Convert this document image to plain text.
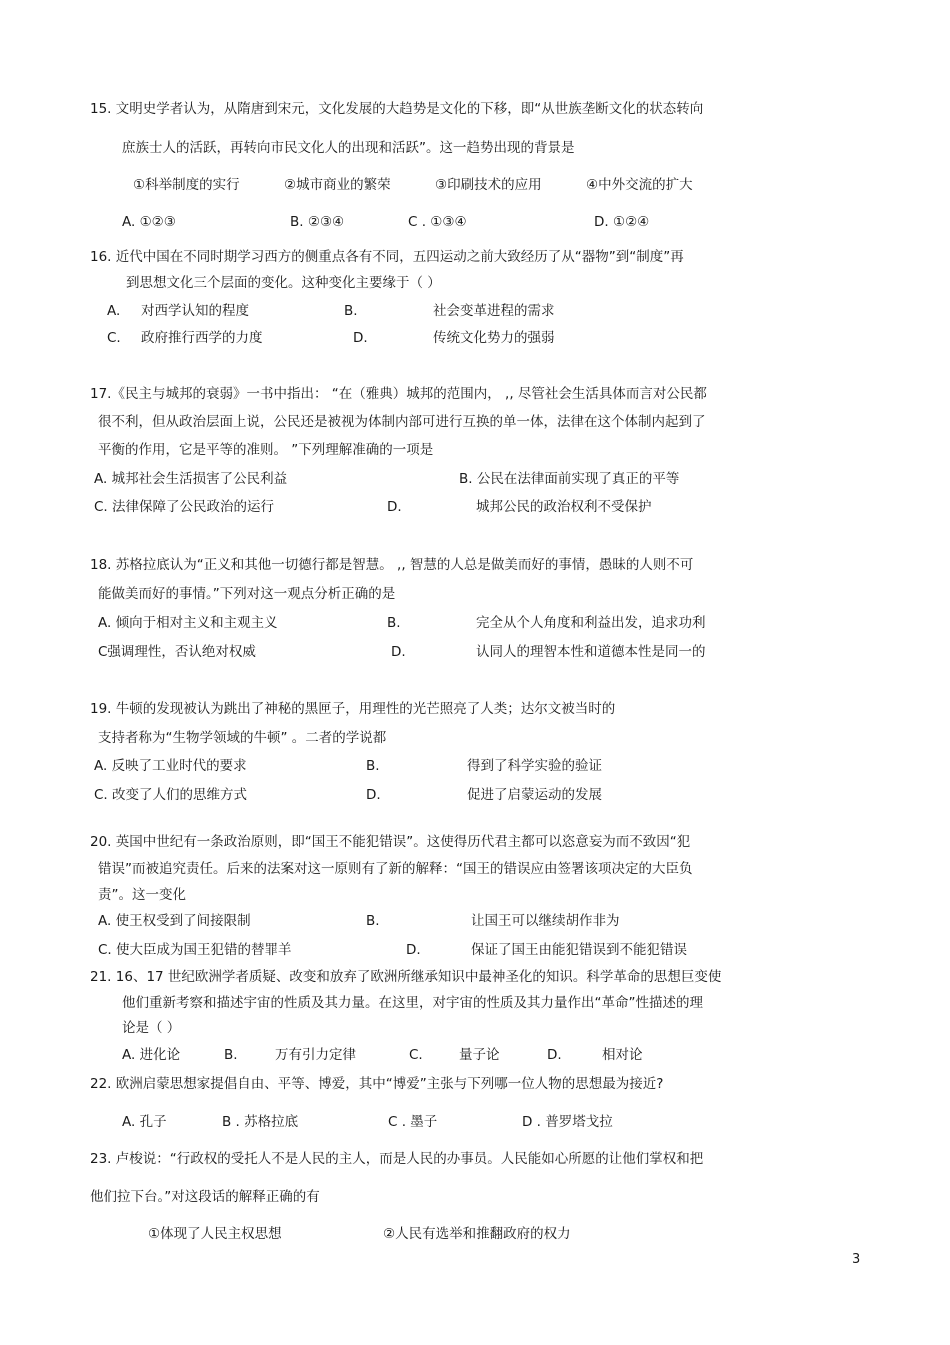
15. 文明史学者认为，从隋唐到宋元，文化发展的大趋势是文化的下移，即“从世族垄断文化的状态转向
庶族士人的活跃，再转向市民文化人的出现和活跃”。这一趋势出现的背景是
①科举制度的实行	②城市商业的繁荣	③印刷技术的应用	④中外交流的扩大
A. ①②③	B. ②③④	C . ①③④	D. ①②④
16. 近代中国在不同时期学习西方的侧重点各有不同，五四运动之前大致经历了从“器物”到“制度”再
到思想文化三个层面的变化。这种变化主要缘于（ ）
A. 对西学认知的程度	B.	社会变革进程的需求
C. 政府推行西学的力度	D.	传统文化势力的强弱
17.《民主与城邦的衰弱》一书中指出： “在（雅典）城邦的范围内， ,, 尽管社会生活具体而言对公民都
很不利，但从政治层面上说，公民还是被视为体制内部可进行互换的单一体，法律在这个体制内起到了
平衡的作用，它是平等的准则。 ”下列理解准确的一项是
A. 城邦社会生活损害了公民利益	B. 公民在法律面前实现了真正的平等
C. 法律保障了公民政治的运行	D.	城邦公民的政治权利不受保护
18. 苏格拉底认为“正义和其他一切德行都是智慧。 ,, 智慧的人总是做美而好的事情，愚昧的人则不可
能做美而好的事情。”下列对这一观点分析正确的是
A. 倾向于相对主义和主观主义	B.	完全从个人角度和利益出发，追求功利
C强调理性，否认绝对权威	D.	认同人的理智本性和道德本性是同一的
19. 牛顿的发现被认为跳出了神秘的黑匣子，用理性的光芒照亮了人类；达尔文被当时的
支持者称为“生物学领域的牛顿” 。二者的学说都
A. 反映了工业时代的要求	B.	得到了科学实验的验证
C. 改变了人们的思维方式	D.	促进了启蒙运动的发展
20. 英国中世纪有一条政治原则，即“国王不能犯错误”。这使得历代君主都可以恣意妄为而不致因“犯
错误”而被追究责任。后来的法案对这一原则有了新的解释：“国王的错误应由签署该项决定的大臣负
责”。这一变化
A. 使王权受到了间接限制	B.	让国王可以继续胡作非为
C. 使大臣成为国王犯错的替罪羊	D.	保证了国王由能犯错误到不能犯错误
21. 16、17 世纪欧洲学者质疑、改变和放弃了欧洲所继承知识中最神圣化的知识。科学革命的思想巨变使
他们重新考察和描述宇宙的性质及其力量。在这里，对宇宙的性质及其力量作出“革命”性描述的理
论是（ ）
A. 进化论	B.	万有引力定律	C.	量子论	D.	相对论
22. 欧洲启蒙思想家提倡自由、平等、博爱，其中“博爱”主张与下列哪一位人物的思想最为接近?
A. 孔子	B . 苏格拉底	C . 墨子	D . 普罗塔戈拉
23. 卢梭说：“行政权的受托人不是人民的主人，而是人民的办事员。人民能如心所愿的让他们掌权和把
他们拉下台。”对这段话的解释正确的有
①体现了人民主权思想	②人民有选举和推翻政府的权力
3
